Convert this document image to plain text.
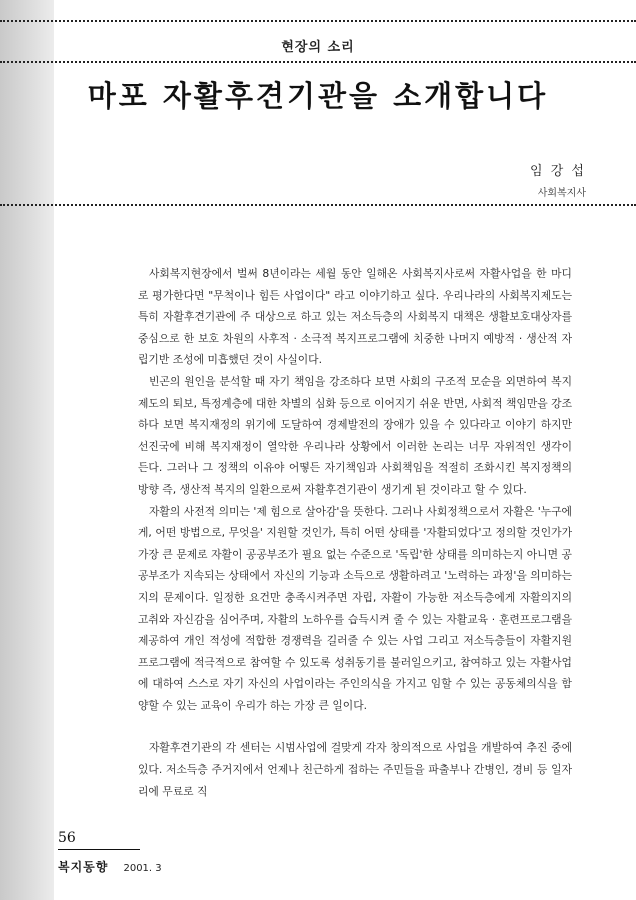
현장의 소리
마포 자활후견기관을 소개합니다
임 강 섭
사회복지사

사회복지현장에서 벌써 8년이라는 세월 동안 일해온 사회복지사로써 자활사업을 한 마디로 평가한다면 "무척이나 힘든 사업이다" 라고 이야기하고 싶다. 우리나라의 사회복지제도는 특히 자활후견기관에 주 대상으로 하고 있는 저소득층의 사회복지 대책은 생활보호대상자를 중심으로 한 보호 차원의 사후적 · 소극적 복지프로그램에 치중한 나머지 예방적 · 생산적 자립기반 조성에 미흡했던 것이 사실이다.

빈곤의 원인을 분석할 때 자기 책임을 강조하다 보면 사회의 구조적 모순을 외면하여 복지제도의 퇴보, 특정계층에 대한 차별의 심화 등으로 이어지기 쉬운 반면, 사회적 책임만을 강조하다 보면 복지재정의 위기에 도달하여 경제발전의 장애가 있을 수 있다라고 이야기 하지만 선진국에 비해 복지재정이 열악한 우리나라 상황에서 이러한 논리는 너무 자위적인 생각이 든다. 그러나 그 정책의 이유야 어떻든 자기책임과 사회책임을 적절히 조화시킨 복지정책의 방향 즉, 생산적 복지의 일환으로써 자활후견기관이 생기게 된 것이라고 할 수 있다.

자활의 사전적 의미는 '제 힘으로 살아감'을 뜻한다. 그러나 사회정책으로서 자활은 '누구에게, 어떤 방법으로, 무엇을' 지원할 것인가, 특히 어떤 상태를 '자활되었다'고 정의할 것인가가 가장 큰 문제로 자활이 공공부조가 필요 없는 수준으로 '독립'한 상태를 의미하는지 아니면 공공부조가 지속되는 상태에서 자신의 기능과 소득으로 생활하려고 '노력하는 과정'을 의미하는지의 문제이다. 일정한 요건만 충족시켜주면 자립, 자활이 가능한 저소득층에게 자활의지의 고취와 자신감을 심어주며, 자활의 노하우를 습득시켜 줄 수 있는 자활교육 · 훈련프로그램을 제공하여 개인 적성에 적합한 경쟁력을 길러줄 수 있는 사업 그리고 저소득층들이 자활지원 프로그램에 적극적으로 참여할 수 있도록 성취동기를 불러일으키고, 참여하고 있는 자활사업에 대하여 스스로 자기 자신의 사업이라는 주인의식을 가지고 임할 수 있는 공동체의식을 함양할 수 있는 교육이 우리가 하는 가장 큰 일이다.

자활후견기관의 각 센터는 시범사업에 걸맞게 각자 창의적으로 사업을 개발하여 추진 중에 있다. 저소득층 주거지에서 언제나 친근하게 접하는 주민들을 파출부나 간병인, 경비 등 일자리에 무료로 직

56
복지동향 2001. 3
